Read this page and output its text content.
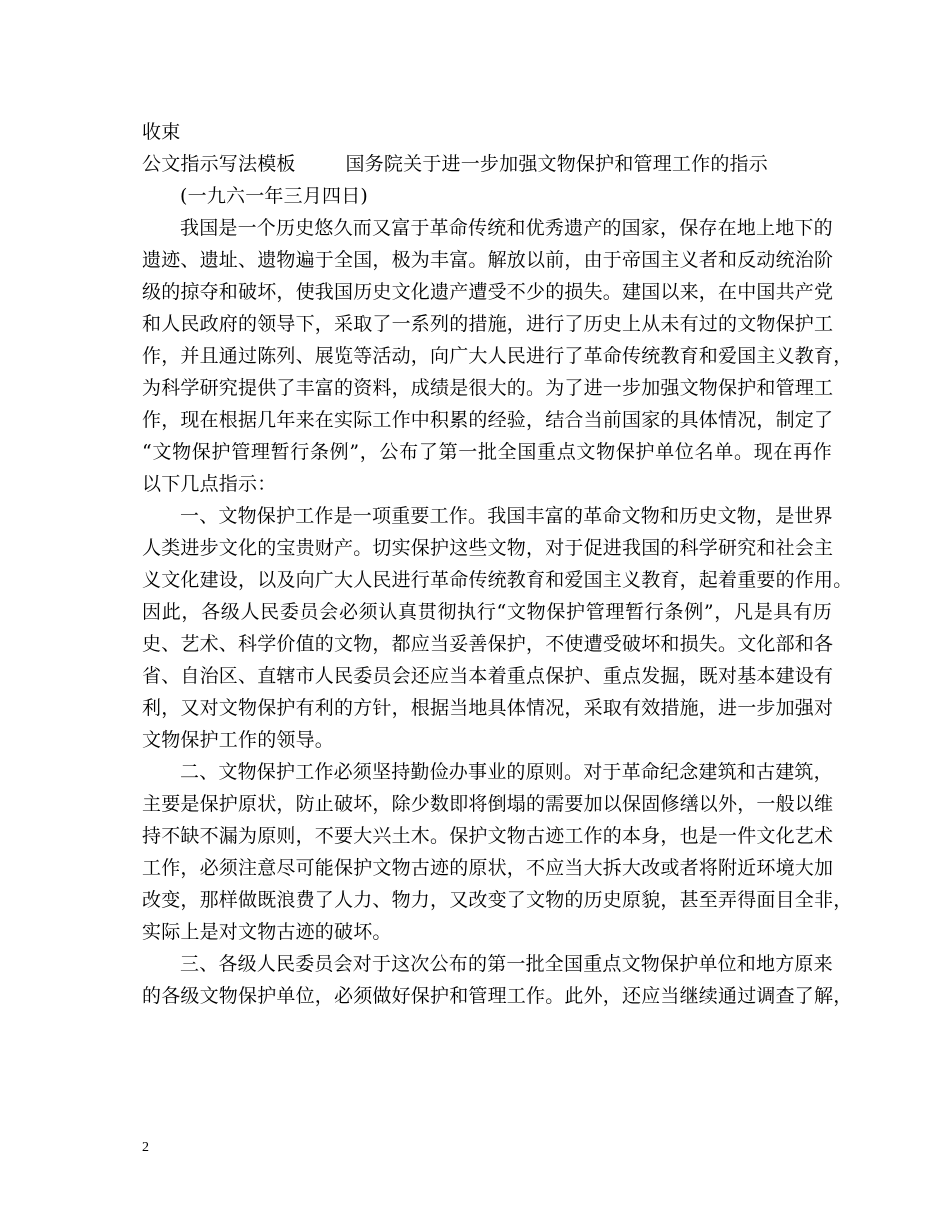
收束
公文指示写法模板        国务院关于进一步加强文物保护和管理工作的指示
(一九六一年三月四日)
我国是一个历史悠久而又富于革命传统和优秀遗产的国家，保存在地上地下的
遗迹、遗址、遗物遍于全国，极为丰富。解放以前，由于帝国主义者和反动统治阶
级的掠夺和破坏，使我国历史文化遗产遭受不少的损失。建国以来，在中国共产党
和人民政府的领导下，采取了一系列的措施，进行了历史上从未有过的文物保护工
作，并且通过陈列、展览等活动，向广大人民进行了革命传统教育和爱国主义教育，
为科学研究提供了丰富的资料，成绩是很大的。为了进一步加强文物保护和管理工
作，现在根据几年来在实际工作中积累的经验，结合当前国家的具体情况，制定了
“文物保护管理暂行条例”，公布了第一批全国重点文物保护单位名单。现在再作
以下几点指示：
一、文物保护工作是一项重要工作。我国丰富的革命文物和历史文物，是世界
人类进步文化的宝贵财产。切实保护这些文物，对于促进我国的科学研究和社会主
义文化建设，以及向广大人民进行革命传统教育和爱国主义教育，起着重要的作用。
因此，各级人民委员会必须认真贯彻执行“文物保护管理暂行条例”，凡是具有历
史、艺术、科学价值的文物，都应当妥善保护，不使遭受破坏和损失。文化部和各
省、自治区、直辖市人民委员会还应当本着重点保护、重点发掘，既对基本建设有
利，又对文物保护有利的方针，根据当地具体情况，采取有效措施，进一步加强对
文物保护工作的领导。
二、文物保护工作必须坚持勤俭办事业的原则。对于革命纪念建筑和古建筑，
主要是保护原状，防止破坏，除少数即将倒塌的需要加以保固修缮以外，一般以维
持不缺不漏为原则，不要大兴土木。保护文物古迹工作的本身，也是一件文化艺术
工作，必须注意尽可能保护文物古迹的原状，不应当大拆大改或者将附近环境大加
改变，那样做既浪费了人力、物力，又改变了文物的历史原貌，甚至弄得面目全非，
实际上是对文物古迹的破坏。
三、各级人民委员会对于这次公布的第一批全国重点文物保护单位和地方原来
的各级文物保护单位，必须做好保护和管理工作。此外，还应当继续通过调查了解，
2
